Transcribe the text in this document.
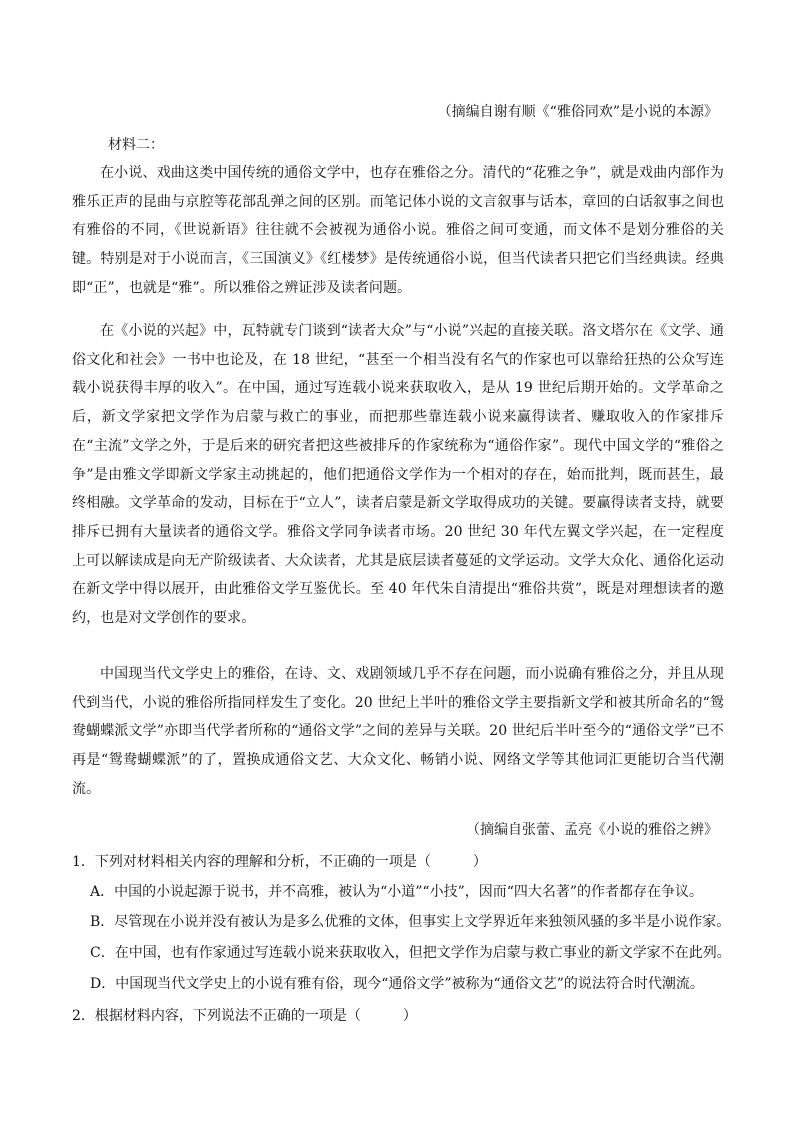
（摘编自谢有顺《“雅俗同欢”是小说的本源》
材料二：

在小说、戏曲这类中国传统的通俗文学中，也存在雅俗之分。清代的“花雅之争”，就是戏曲内部作为雅乐正声的昆曲与京腔等花部乱弹之间的区别。而笔记体小说的文言叙事与话本，章回的白话叙事之间也有雅俗的不同，《世说新语》往往就不会被视为通俗小说。雅俗之间可变通，而文体不是划分雅俗的关键。特别是对于小说而言，《三国演义》《红楼梦》是传统通俗小说，但当代读者只把它们当经典读。经典即“正”，也就是“雅”。所以雅俗之辨证涉及读者问题。

在《小说的兴起》中，瓦特就专门谈到“读者大众”与“小说”兴起的直接关联。洛文塔尔在《文学、通俗文化和社会》一书中也论及，在 18 世纪，“甚至一个相当没有名气的作家也可以靠给狂热的公众写连载小说获得丰厚的收入”。在中国，通过写连载小说来获取收入，是从 19 世纪后期开始的。文学革命之后，新文学家把文学作为启蒙与救亡的事业，而把那些靠连载小说来赢得读者、赚取收入的作家排斥在“主流”文学之外，于是后来的研究者把这些被排斥的作家统称为“通俗作家”。现代中国文学的“雅俗之争”是由雅文学即新文学家主动挑起的，他们把通俗文学作为一个相对的存在，始而批判，既而甚生，最终相融。文学革命的发动，目标在于“立人”，读者启蒙是新文学取得成功的关键。要赢得读者支持，就要排斥已拥有大量读者的通俗文学。雅俗文学同争读者市场。20 世纪 30 年代左翼文学兴起，在一定程度上可以解读成是向无产阶级读者、大众读者，尤其是底层读者蔓延的文学运动。文学大众化、通俗化运动在新文学中得以展开，由此雅俗文学互鉴优长。至 40 年代朱自清提出“雅俗共赏”，既是对理想读者的邀约，也是对文学创作的要求。

中国现当代文学史上的雅俗，在诗、文、戏剧领域几乎不存在问题，而小说确有雅俗之分，并且从现代到当代，小说的雅俗所指同样发生了变化。20 世纪上半叶的雅俗文学主要指新文学和被其所命名的“鸳鸯蝴蝶派文学”亦即当代学者所称的“通俗文学”之间的差异与关联。20 世纪后半叶至今的“通俗文学”已不再是“鸳鸯蝴蝶派”的了，置换成通俗文艺、大众文化、畅销小说、网络文学等其他词汇更能切合当代潮流。

（摘编自张蕾、孟亮《小说的雅俗之辨》
1．下列对材料相关内容的理解和分析，不正确的一项是（　　　）
A．中国的小说起源于说书，并不高雅，被认为“小道”“小技”，因而“四大名著”的作者都存在争议。
B．尽管现在小说并没有被认为是多么优雅的文体，但事实上文学界近年来独领风骚的多半是小说作家。
C．在中国，也有作家通过写连载小说来获取收入，但把文学作为启蒙与救亡事业的新文学家不在此列。
D．中国现当代文学史上的小说有雅有俗，现今“通俗文学”被称为“通俗文艺”的说法符合时代潮流。
2．根据材料内容，下列说法不正确的一项是（　　　）
